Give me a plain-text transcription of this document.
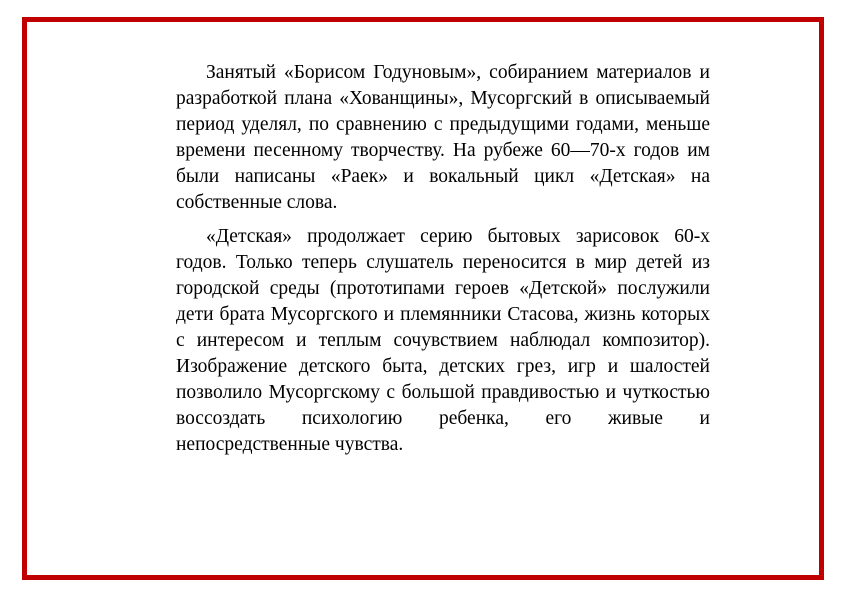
Занятый «Борисом Годуновым», собиранием материалов и разработкой плана «Хованщины», Мусоргский в описываемый период уделял, по сравнению с предыдущими годами, меньше времени песенному творчеству. На рубеже 60—70-х годов им были написаны «Раек» и вокальный цикл «Детская» на собственные слова.

«Детская» продолжает серию бытовых зарисовок 60-х годов. Только теперь слушатель переносится в мир детей из городской среды (прототипами героев «Детской» послужили дети брата Мусоргского и племянники Стасова, жизнь которых с интересом и теплым сочувствием наблюдал композитор). Изображение детского быта, детских грез, игр и шалостей позволило Мусоргскому с большой правдивостью и чуткостью воссоздать психологию ребенка, его живые и непосредственные чувства.
